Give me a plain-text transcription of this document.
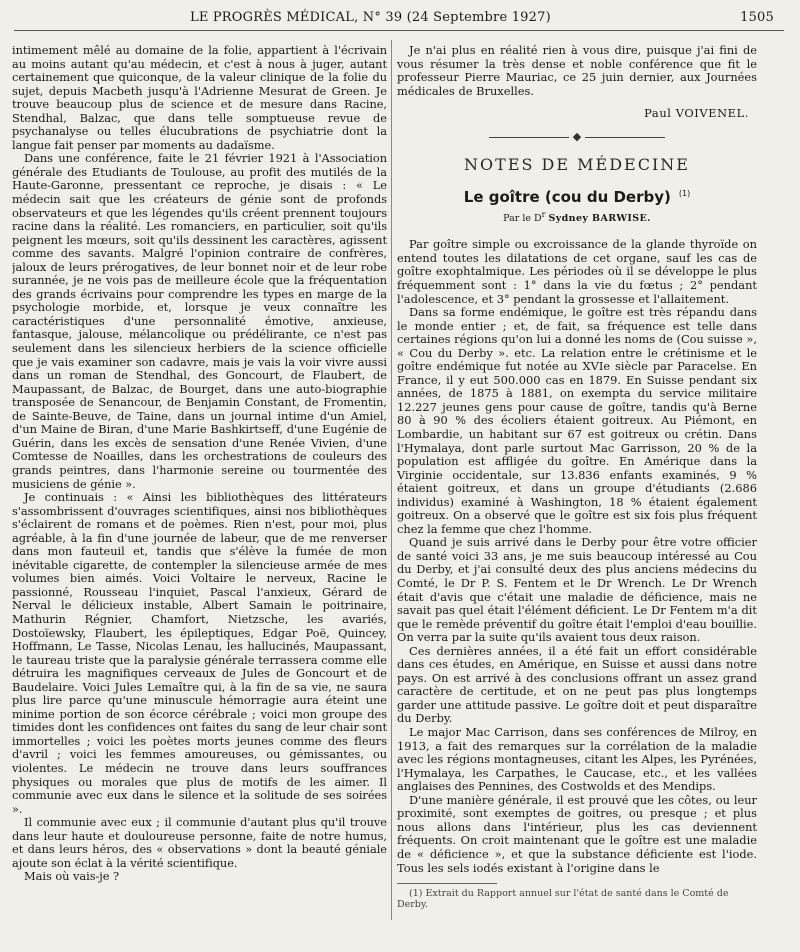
LE PROGRÈS MÉDICAL, N° 39 (24 Septembre 1927)	1505

intimement mêlé au domaine de la folie, appartient à l'écrivain au moins autant qu'au médecin, et c'est à nous à juger, autant certainement que quiconque, de la valeur clinique de la folie du sujet, depuis Macbeth jusqu'à l'Adrienne Mesurat de Green. Je trouve beaucoup plus de science et de mesure dans Racine, Stendhal, Balzac, que dans telle somptueuse revue de psychanalyse ou telles élucubrations de psychiatrie dont la langue fait penser par moments au dadaïsme.

Dans une conférence, faite le 21 février 1921 à l'Association générale des Etudiants de Toulouse, au profit des mutilés de la Haute-Garonne, pressentant ce reproche, je disais : « Le médecin sait que les créateurs de génie sont de profonds observateurs et que les légendes qu'ils créent prennent toujours racine dans la réalité. Les romanciers, en particulier, soit qu'ils peignent les mœurs, soit qu'ils dessinent les caractères, agissent comme des savants. Malgré l'opinion contraire de confrères, jaloux de leurs prérogatives, de leur bonnet noir et de leur robe surannée, je ne vois pas de meilleure école que la fréquentation des grands écrivains pour comprendre les types en marge de la psychologie morbide, et, lorsque je veux connaître les caractéristiques d'une personnalité émotive, anxieuse, fantasque, jalouse, mélancolique ou prédélirante, ce n'est pas seulement dans les silencieux herbiers de la science officielle que je vais examiner son cadavre, mais je vais la voir vivre aussi dans un roman de Stendhal, des Goncourt, de Flaubert, de Maupassant, de Balzac, de Bourget, dans une auto-biographie transposée de Senancour, de Benjamin Constant, de Fromentin, de Sainte-Beuve, de Taine, dans un journal intime d'un Amiel, d'un Maine de Biran, d'une Marie Bashkirtseff, d'une Eugénie de Guérin, dans les excès de sensation d'une Renée Vivien, d'une Comtesse de Noailles, dans les orchestrations de couleurs des grands peintres, dans l'harmonie sereine ou tourmentée des musiciens de génie ».

Je continuais : « Ainsi les bibliothèques des littérateurs s'assombrissent d'ouvrages scientifiques, ainsi nos bibliothèques s'éclairent de romans et de poèmes. Rien n'est, pour moi, plus agréable, à la fin d'une journée de labeur, que de me renverser dans mon fauteuil et, tandis que s'élève la fumée de mon inévitable cigarette, de contempler la silencieuse armée de mes volumes bien aimés. Voici Voltaire le nerveux, Racine le passionné, Rousseau l'inquiet, Pascal l'anxieux, Gérard de Nerval le délicieux instable, Albert Samain le poitrinaire, Mathurin Régnier, Chamfort, Nietzsche, les avariés, Dostoïewsky, Flaubert, les épileptiques, Edgar Poë, Quincey, Hoffmann, Le Tasse, Nicolas Lenau, les hallucinés, Maupassant, le taureau triste que la paralysie générale terrassera comme elle détruira les magnifiques cerveaux de Jules de Goncourt et de Baudelaire. Voici Jules Lemaître qui, à la fin de sa vie, ne saura plus lire parce qu'une minuscule hémorragie aura éteint une minime portion de son écorce cérébrale ; voici mon groupe des timides dont les confidences ont faites du sang de leur chair sont immortelles ; voici les poètes morts jeunes comme des fleurs d'avril ; voici les femmes amoureuses, ou gémissantes, ou violentes. Le médecin ne trouve dans leurs souffrances physiques ou morales que plus de motifs de les aimer. Il communie avec eux dans le silence et la solitude de ses soirées ».

Il communie avec eux ; il communie d'autant plus qu'il trouve dans leur haute et douloureuse personne, faite de notre humus, et dans leurs héros, des « observations » dont la beauté géniale ajoute son éclat à la vérité scientifique.

Mais où vais-je ?

Je n'ai plus en réalité rien à vous dire, puisque j'ai fini de vous résumer la très dense et noble conférence que fit le professeur Pierre Mauriac, ce 25 juin dernier, aux Journées médicales de Bruxelles.

Paul VOIVENEL.
◆
NOTES DE MÉDECINE
Le goître (cou du Derby) $^{(1)}$
Par le $D^r$ Sydney BARWISE.

Par goître simple ou excroissance de la glande thyroïde on entend toutes les dilatations de cet organe, sauf les cas de goître exophtalmique. Les périodes où il se développe le plus fréquemment sont : 1° dans la vie du fœtus ; 2° pendant l'adolescence, et 3° pendant la grossesse et l'allaitement.

Dans sa forme endémique, le goître est très répandu dans le monde entier ; et, de fait, sa fréquence est telle dans certaines régions qu'on lui a donné les noms de (Cou suisse », « Cou du Derby ». etc. La relation entre le crétinisme et le goître endémique fut notée au XVIe siècle par Paracelse. En France, il y eut 500.000 cas en 1879. En Suisse pendant six années, de 1875 à 1881, on exempta du service militaire 12.227 jeunes gens pour cause de goître, tandis qu'à Berne 80 à 90 % des écoliers étaient goitreux. Au Piémont, en Lombardie, un habitant sur 67 est goitreux ou crétin. Dans l'Hymalaya, dont parle surtout Mac Garrisson, 20 % de la population est affligée du goître. En Amérique dans la Virginie occidentale, sur 13.836 enfants examinés, 9 % étaient goitreux, et dans un groupe d'étudiants (2.686 individus) examiné à Washington, 18 % étaient également goitreux. On a observé que le goître est six fois plus fréquent chez la femme que chez l'homme.

Quand je suis arrivé dans le Derby pour être votre officier de santé voici 33 ans, je me suis beaucoup intéressé au Cou du Derby, et j'ai consulté deux des plus anciens médecins du Comté, le Dr P. S. Fentem et le Dr Wrench. Le Dr Wrench était d'avis que c'était une maladie de déficience, mais ne savait pas quel était l'élément déficient. Le Dr Fentem m'a dit que le remède préventif du goître était l'emploi d'eau bouillie. On verra par la suite qu'ils avaient tous deux raison.

Ces dernières années, il a été fait un effort considérable dans ces études, en Amérique, en Suisse et aussi dans notre pays. On est arrivé à des conclusions offrant un assez grand caractère de certitude, et on ne peut pas plus longtemps garder une attitude passive. Le goître doit et peut disparaître du Derby.

Le major Mac Carrison, dans ses conférences de Milroy, en 1913, a fait des remarques sur la corrélation de la maladie avec les régions montagneuses, citant les Alpes, les Pyrénées, l'Hymalaya, les Carpathes, le Caucase, etc., et les vallées anglaises des Pennines, des Costwolds et des Mendips.

D'une manière générale, il est prouvé que les côtes, ou leur proximité, sont exemptes de goitres, ou presque ; et plus nous allons dans l'intérieur, plus les cas deviennent fréquents. On croit maintenant que le goître est une maladie de « déficience », et que la substance déficiente est l'iode. Tous les sels iodés existant à l'origine dans le

(1) Extrait du Rapport annuel sur l'état de santé dans le Comté de Derby.
